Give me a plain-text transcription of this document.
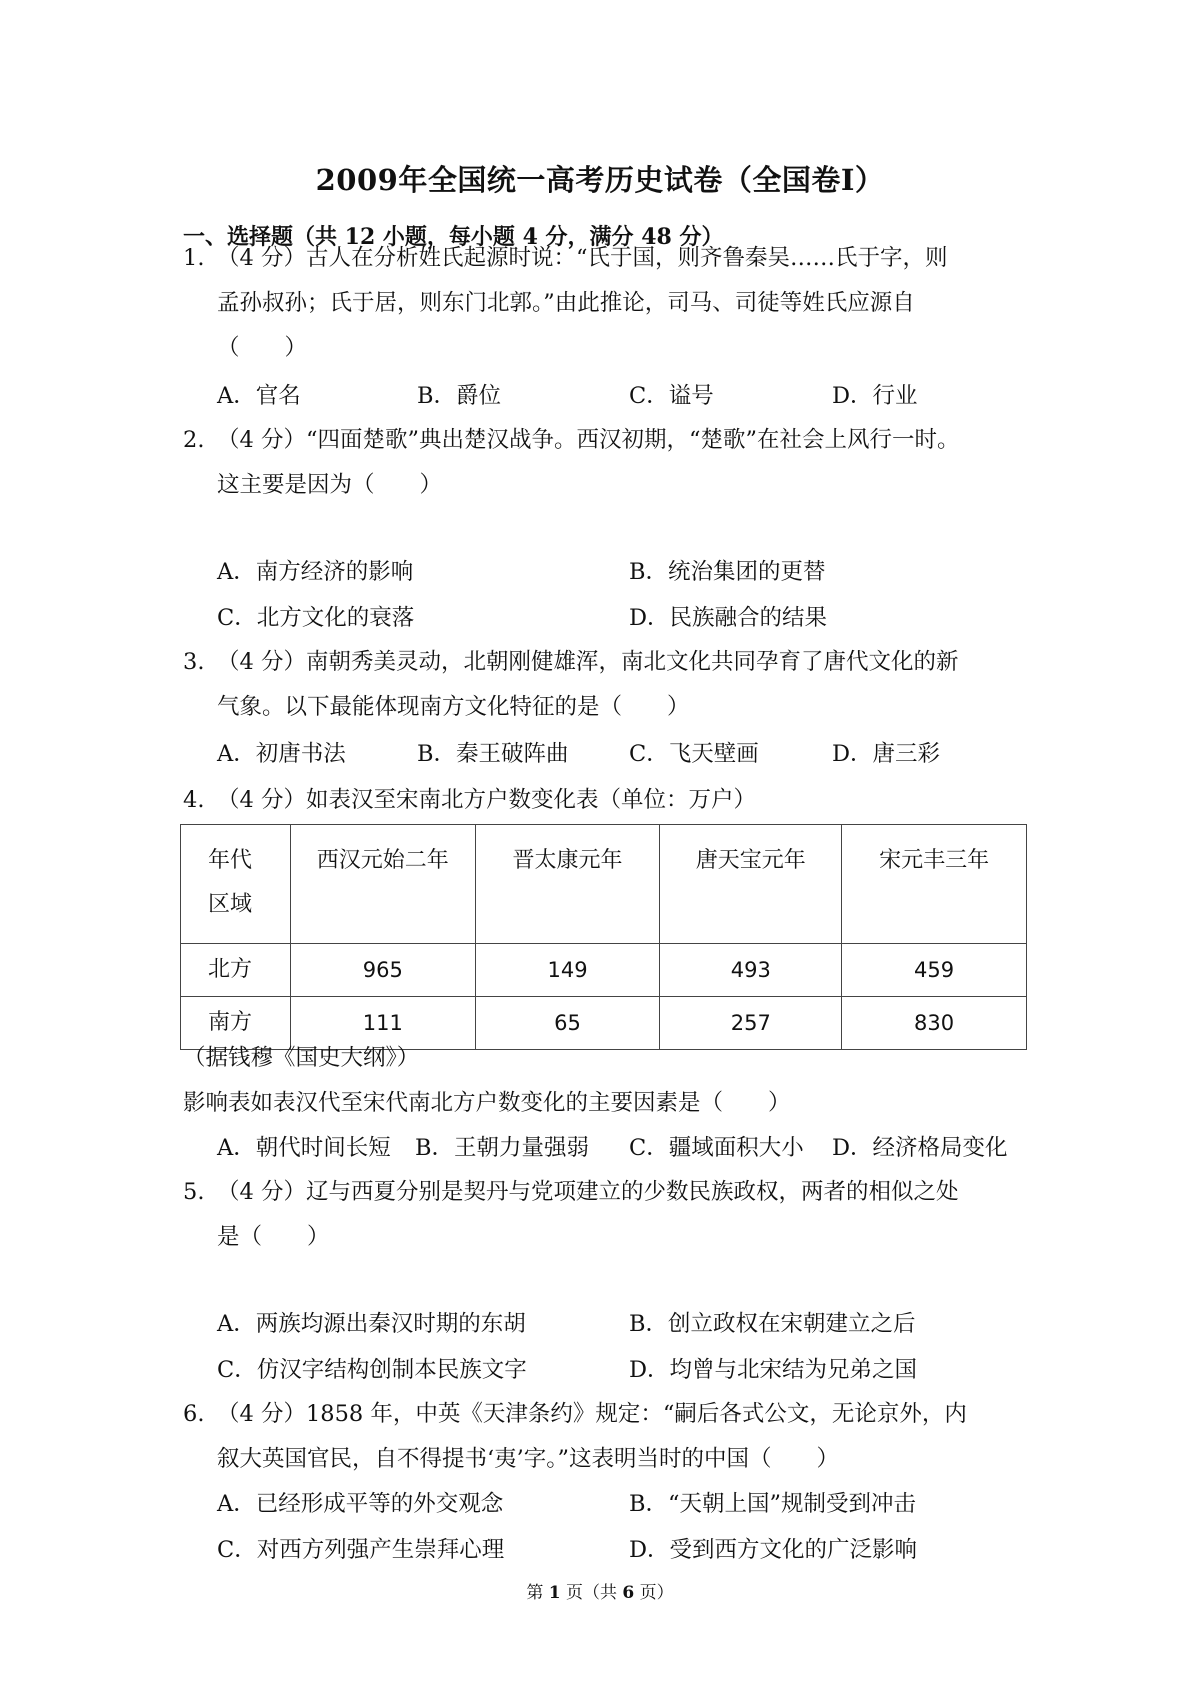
2009年全国统一高考历史试卷（全国卷Ⅰ）
一、选择题（共 12 小题，每小题 4 分，满分 48 分）
1. （4 分）古人在分析姓氏起源时说：“氏于国，则齐鲁秦吴……氏于字，则
孟孙叔孙；氏于居，则东门北郭。”由此推论，司马、司徒等姓氏应源自
（　　）
A．官名	B．爵位	C．谥号	D．行业
2. （4 分）“四面楚歌”典出楚汉战争。西汉初期，“楚歌”在社会上风行一时。
这主要是因为（　　）
A．南方经济的影响	B．统治集团的更替
C．北方文化的衰落	D．民族融合的结果
3. （4 分）南朝秀美灵动，北朝刚健雄浑，南北文化共同孕育了唐代文化的新
气象。以下最能体现南方文化特征的是（　　）
A．初唐书法	B．秦王破阵曲	C．飞天壁画	D．唐三彩
4. （4 分）如表汉至宋南北方户数变化表（单位：万户）
年代
区域	西汉元始二年	晋太康元年	唐天宝元年	宋元丰三年
北方	965	149	493	459
南方	111	65	257	830
（据钱穆《国史大纲》）
影响表如表汉代至宋代南北方户数变化的主要因素是（　　）
A．朝代时间长短 B．王朝力量强弱 C．疆域面积大小 D．经济格局变化
5. （4 分）辽与西夏分别是契丹与党项建立的少数民族政权，两者的相似之处
是（　　）
A．两族均源出秦汉时期的东胡	B．创立政权在宋朝建立之后
C．仿汉字结构创制本民族文字	D．均曾与北宋结为兄弟之国
6. （4 分）1858 年，中英《天津条约》规定：“嗣后各式公文，无论京外，内
叙大英国官民，自不得提书‘夷’字。”这表明当时的中国（　　）
A．已经形成平等的外交观念	B．“天朝上国”规制受到冲击
C．对西方列强产生崇拜心理	D．受到西方文化的广泛影响
第 1 页（共 6 页）
